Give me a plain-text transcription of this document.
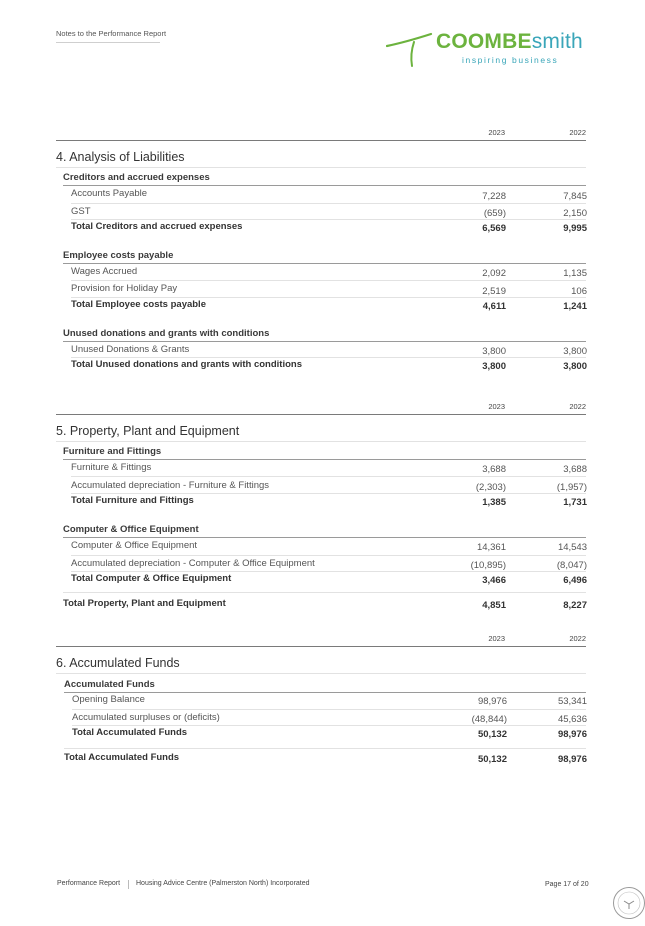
Notes to the Performance Report	COOMBEsmith
inspiring business
2023	2022
4. Analysis of Liabilities
Creditors and accrued expenses
Accounts Payable	7,228	7,845
GST	(659)	2,150
Total Creditors and accrued expenses	6,569	9,995
Employee costs payable
Wages Accrued	2,092	1,135
Provision for Holiday Pay	2,519	106
Total Employee costs payable	4,611	1,241
Unused donations and grants with conditions
Unused Donations & Grants	3,800	3,800
Total Unused donations and grants with conditions	3,800	3,800
2023	2022
5. Property, Plant and Equipment
Furniture and Fittings
Furniture & Fittings	3,688	3,688
Accumulated depreciation - Furniture & Fittings	(2,303)	(1,957)
Total Furniture and Fittings	1,385	1,731
Computer & Office Equipment
Computer & Office Equipment	14,361	14,543
Accumulated depreciation - Computer & Office Equipment	(10,895)	(8,047)
Total Computer & Office Equipment	3,466	6,496
Total Property, Plant and Equipment	4,851	8,227
2023	2022
6. Accumulated Funds
Accumulated Funds
Opening Balance	98,976	53,341
Accumulated surpluses or (deficits)	(48,844)	45,636
Total Accumulated Funds	50,132	98,976
Total Accumulated Funds	50,132	98,976
Performance Report Housing Advice Centre (Palmerston North) Incorporated	Page 17 of 20
